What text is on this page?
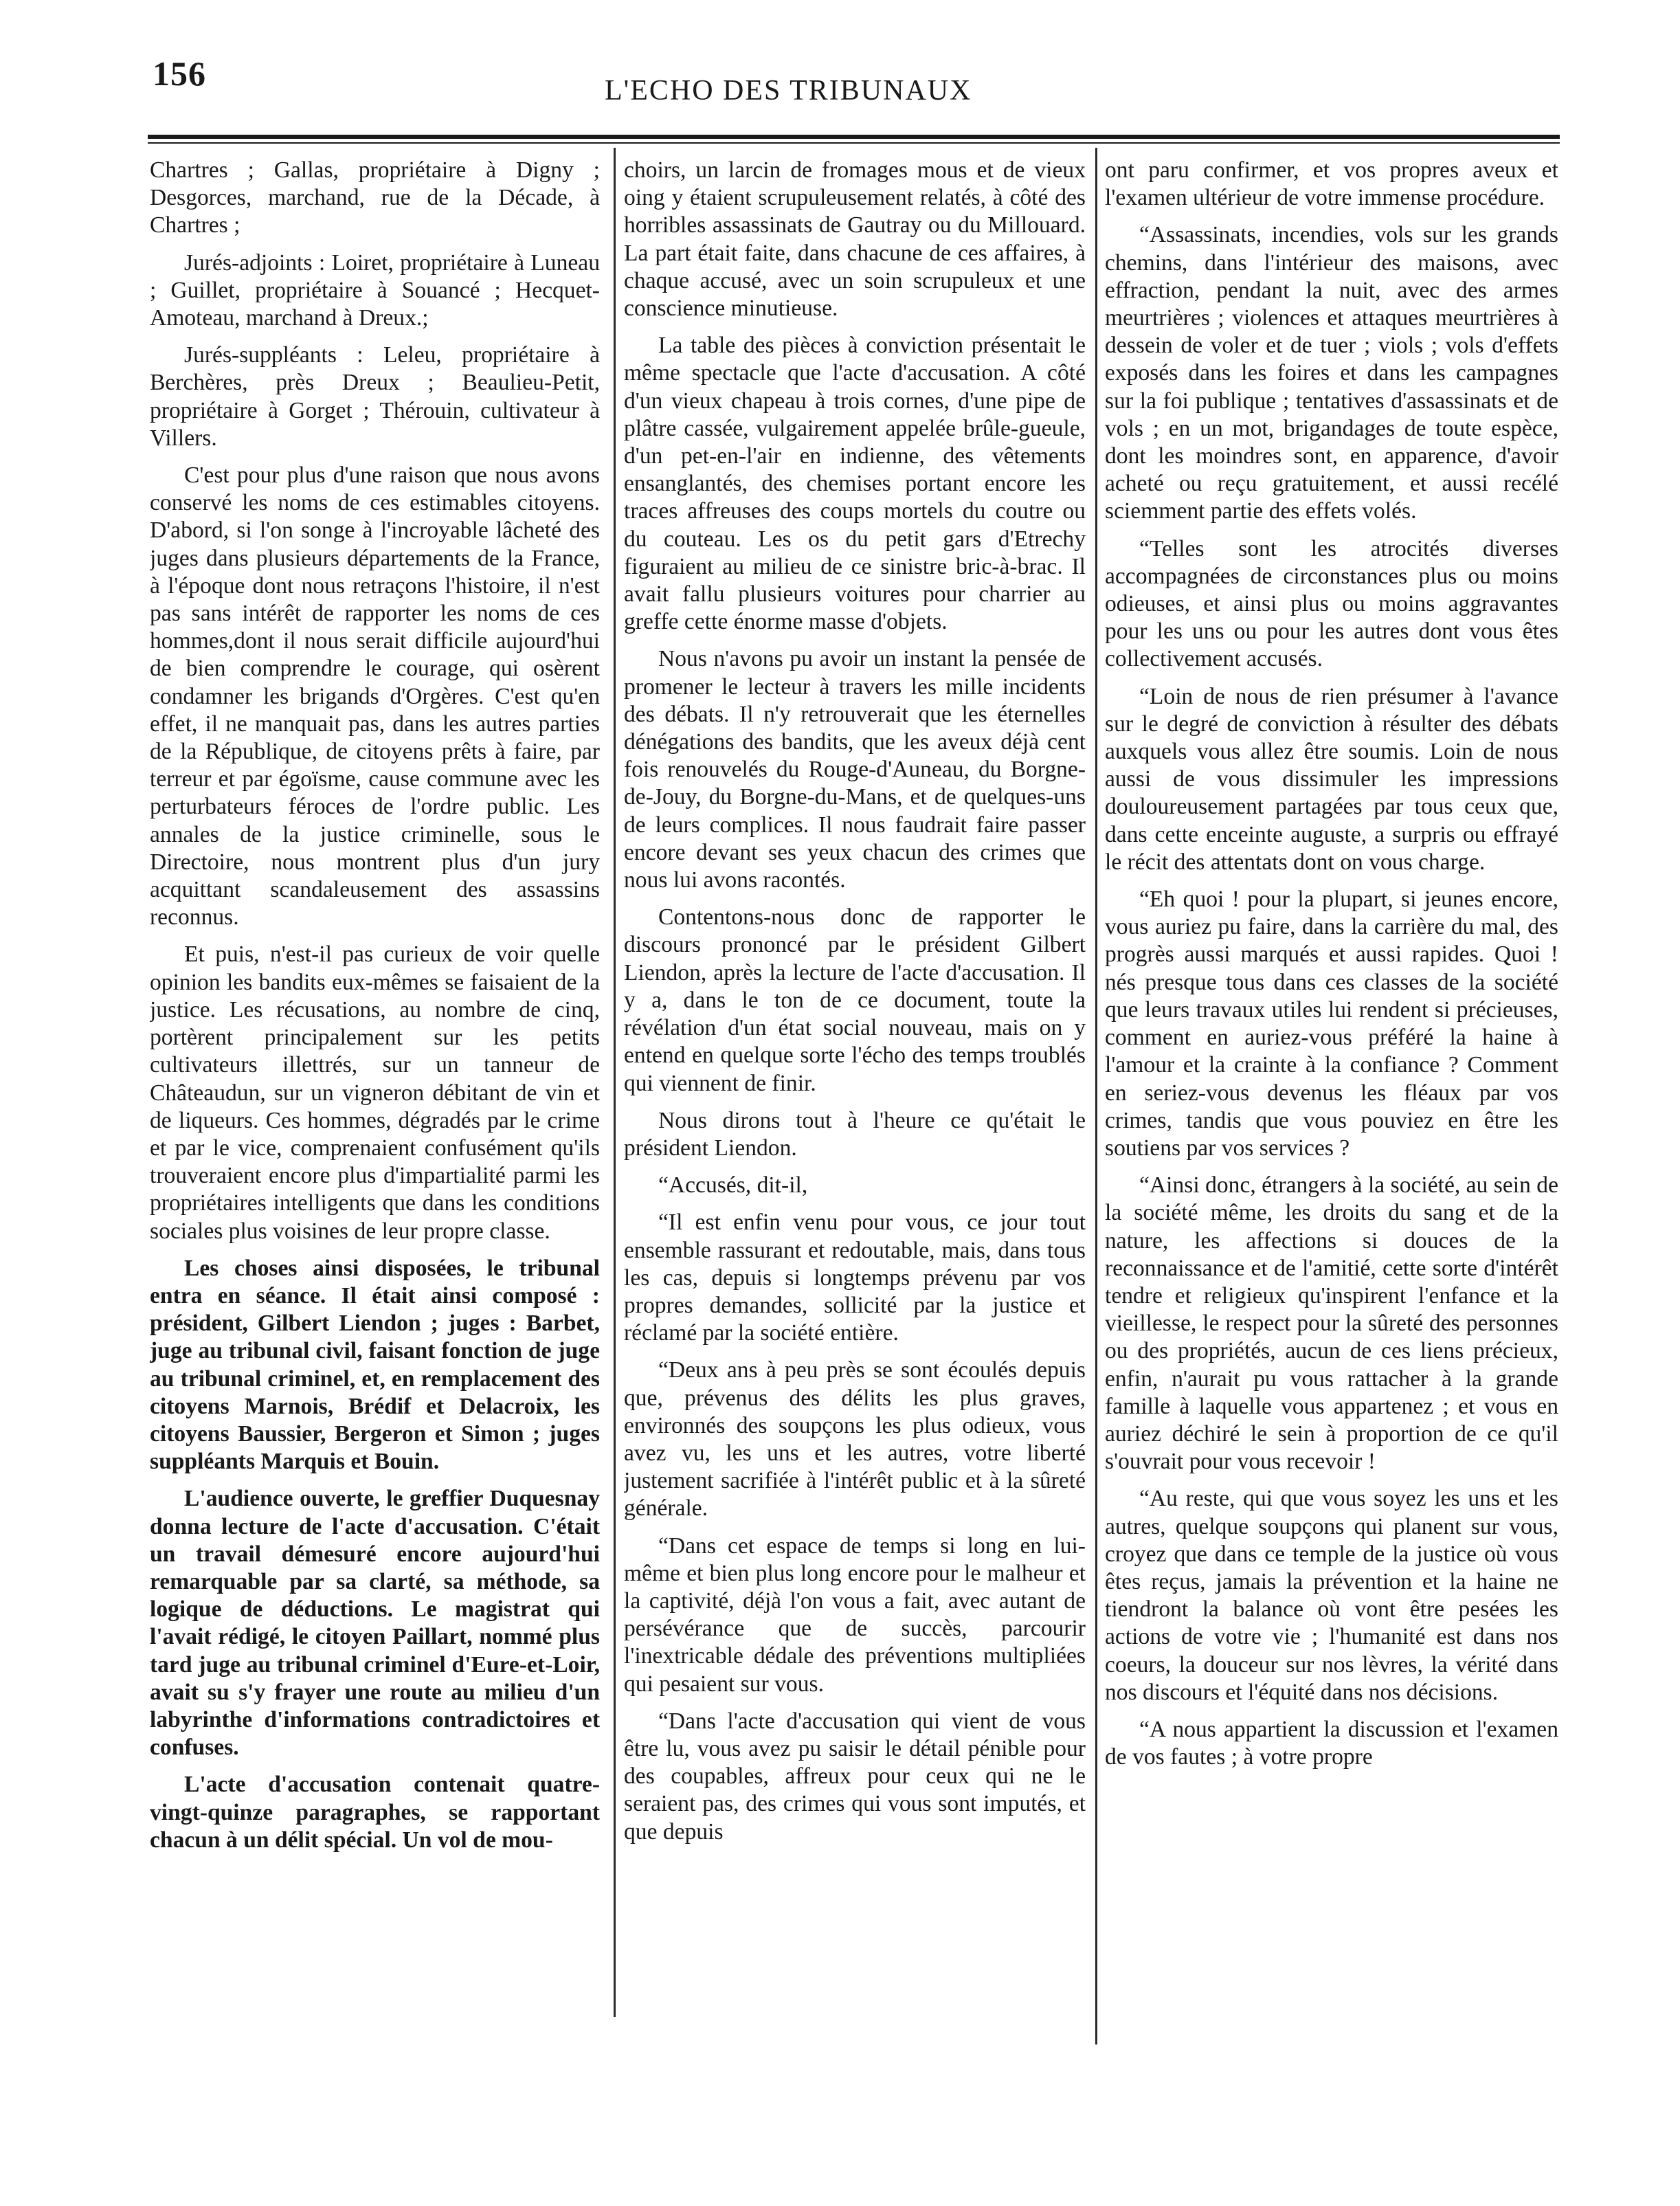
156	L'ECHO DES TRIBUNAUX

Chartres ; Gallas, propriétaire à Digny ; Desgorces, marchand, rue de la Décade, à Chartres ;

Jurés-adjoints : Loiret, propriétaire à Luneau ; Guillet, propriétaire à Souancé ; Hecquet-Amoteau, marchand à Dreux.;

Jurés-suppléants : Leleu, propriétaire à Berchères, près Dreux ; Beaulieu-Petit, propriétaire à Gorget ; Thérouin, cultivateur à Villers.

C'est pour plus d'une raison que nous avons conservé les noms de ces estimables citoyens. D'abord, si l'on songe à l'incroyable lâcheté des juges dans plusieurs départements de la France, à l'époque dont nous retraçons l'histoire, il n'est pas sans intérêt de rapporter les noms de ces hommes,dont il nous serait difficile aujourd'hui de bien comprendre le courage, qui osèrent condamner les brigands d'Orgères. C'est qu'en effet, il ne manquait pas, dans les autres parties de la République, de citoyens prêts à faire, par terreur et par égoïsme, cause commune avec les perturbateurs féroces de l'ordre public. Les annales de la justice criminelle, sous le Directoire, nous montrent plus d'un jury acquittant scandaleusement des assassins reconnus.

Et puis, n'est-il pas curieux de voir quelle opinion les bandits eux-mêmes se faisaient de la justice. Les récusations, au nombre de cinq, portèrent principalement sur les petits cultivateurs illettrés, sur un tanneur de Châteaudun, sur un vigneron débitant de vin et de liqueurs. Ces hommes, dégradés par le crime et par le vice, comprenaient confusément qu'ils trouveraient encore plus d'impartialité parmi les propriétaires intelligents que dans les conditions sociales plus voisines de leur propre classe.

Les choses ainsi disposées, le tribunal entra en séance. Il était ainsi composé : président, Gilbert Liendon ; juges : Barbet, juge au tribunal civil, faisant fonction de juge au tribunal criminel, et, en remplacement des citoyens Marnois, Brédif et Delacroix, les citoyens Baussier, Bergeron et Simon ; juges suppléants Marquis et Bouin.

L'audience ouverte, le greffier Duquesnay donna lecture de l'acte d'accusation. C'était un travail démesuré encore aujourd'hui remarquable par sa clarté, sa méthode, sa logique de déductions. Le magistrat qui l'avait rédigé, le citoyen Paillart, nommé plus tard juge au tribunal criminel d'Eure-et-Loir, avait su s'y frayer une route au milieu d'un labyrinthe d'informations contradictoires et confuses.

L'acte d'accusation contenait quatre-vingt-quinze paragraphes, se rapportant chacun à un délit spécial. Un vol de mou-

choirs, un larcin de fromages mous et de vieux oing y étaient scrupuleusement relatés, à côté des horribles assassinats de Gautray ou du Millouard. La part était faite, dans chacune de ces affaires, à chaque accusé, avec un soin scrupuleux et une conscience minutieuse.

La table des pièces à conviction présentait le même spectacle que l'acte d'accusation. A côté d'un vieux chapeau à trois cornes, d'une pipe de plâtre cassée, vulgairement appelée brûle-gueule, d'un pet-en-l'air en indienne, des vêtements ensanglantés, des chemises portant encore les traces affreuses des coups mortels du coutre ou du couteau. Les os du petit gars d'Etrechy figuraient au milieu de ce sinistre bric-à-brac. Il avait fallu plusieurs voitures pour charrier au greffe cette énorme masse d'objets.

Nous n'avons pu avoir un instant la pensée de promener le lecteur à travers les mille incidents des débats. Il n'y retrouverait que les éternelles dénégations des bandits, que les aveux déjà cent fois renouvelés du Rouge-d'Auneau, du Borgne-de-Jouy, du Borgne-du-Mans, et de quelques-uns de leurs complices. Il nous faudrait faire passer encore devant ses yeux chacun des crimes que nous lui avons racontés.

Contentons-nous donc de rapporter le discours prononcé par le président Gilbert Liendon, après la lecture de l'acte d'accusation. Il y a, dans le ton de ce document, toute la révélation d'un état social nouveau, mais on y entend en quelque sorte l'écho des temps troublés qui viennent de finir.

Nous dirons tout à l'heure ce qu'était le président Liendon.

“Accusés, dit-il,

“Il est enfin venu pour vous, ce jour tout ensemble rassurant et redoutable, mais, dans tous les cas, depuis si longtemps prévenu par vos propres demandes, sollicité par la justice et réclamé par la société entière.

“Deux ans à peu près se sont écoulés depuis que, prévenus des délits les plus graves, environnés des soupçons les plus odieux, vous avez vu, les uns et les autres, votre liberté justement sacrifiée à l'intérêt public et à la sûreté générale.

“Dans cet espace de temps si long en lui-même et bien plus long encore pour le malheur et la captivité, déjà l'on vous a fait, avec autant de persévérance que de succès, parcourir l'inextricable dédale des préventions multipliées qui pesaient sur vous.

“Dans l'acte d'accusation qui vient de vous être lu, vous avez pu saisir le détail pénible pour des coupables, affreux pour ceux qui ne le seraient pas, des crimes qui vous sont imputés, et que depuis

ont paru confirmer, et vos propres aveux et l'examen ultérieur de votre immense procédure.

“Assassinats, incendies, vols sur les grands chemins, dans l'intérieur des maisons, avec effraction, pendant la nuit, avec des armes meurtrières ; violences et attaques meurtrières à dessein de voler et de tuer ; viols ; vols d'effets exposés dans les foires et dans les campagnes sur la foi publique ; tentatives d'assassinats et de vols ; en un mot, brigandages de toute espèce, dont les moindres sont, en apparence, d'avoir acheté ou reçu gratuitement, et aussi recélé sciemment partie des effets volés.

“Telles sont les atrocités diverses accompagnées de circonstances plus ou moins odieuses, et ainsi plus ou moins aggravantes pour les uns ou pour les autres dont vous êtes collectivement accusés.

“Loin de nous de rien présumer à l'avance sur le degré de conviction à résulter des débats auxquels vous allez être soumis. Loin de nous aussi de vous dissimuler les impressions douloureusement partagées par tous ceux que, dans cette enceinte auguste, a surpris ou effrayé le récit des attentats dont on vous charge.

“Eh quoi ! pour la plupart, si jeunes encore, vous auriez pu faire, dans la carrière du mal, des progrès aussi marqués et aussi rapides. Quoi ! nés presque tous dans ces classes de la société que leurs travaux utiles lui rendent si précieuses, comment en auriez-vous préféré la haine à l'amour et la crainte à la confiance ? Comment en seriez-vous devenus les fléaux par vos crimes, tandis que vous pouviez en être les soutiens par vos services ?

“Ainsi donc, étrangers à la société, au sein de la société même, les droits du sang et de la nature, les affections si douces de la reconnaissance et de l'amitié, cette sorte d'intérêt tendre et religieux qu'inspirent l'enfance et la vieillesse, le respect pour la sûreté des personnes ou des propriétés, aucun de ces liens précieux, enfin, n'aurait pu vous rattacher à la grande famille à laquelle vous appartenez ; et vous en auriez déchiré le sein à proportion de ce qu'il s'ouvrait pour vous recevoir !

“Au reste, qui que vous soyez les uns et les autres, quelque soupçons qui planent sur vous, croyez que dans ce temple de la justice où vous êtes reçus, jamais la prévention et la haine ne tiendront la balance où vont être pesées les actions de votre vie ; l'humanité est dans nos coeurs, la douceur sur nos lèvres, la vérité dans nos discours et l'équité dans nos décisions.

“A nous appartient la discussion et l'examen de vos fautes ; à votre propre
